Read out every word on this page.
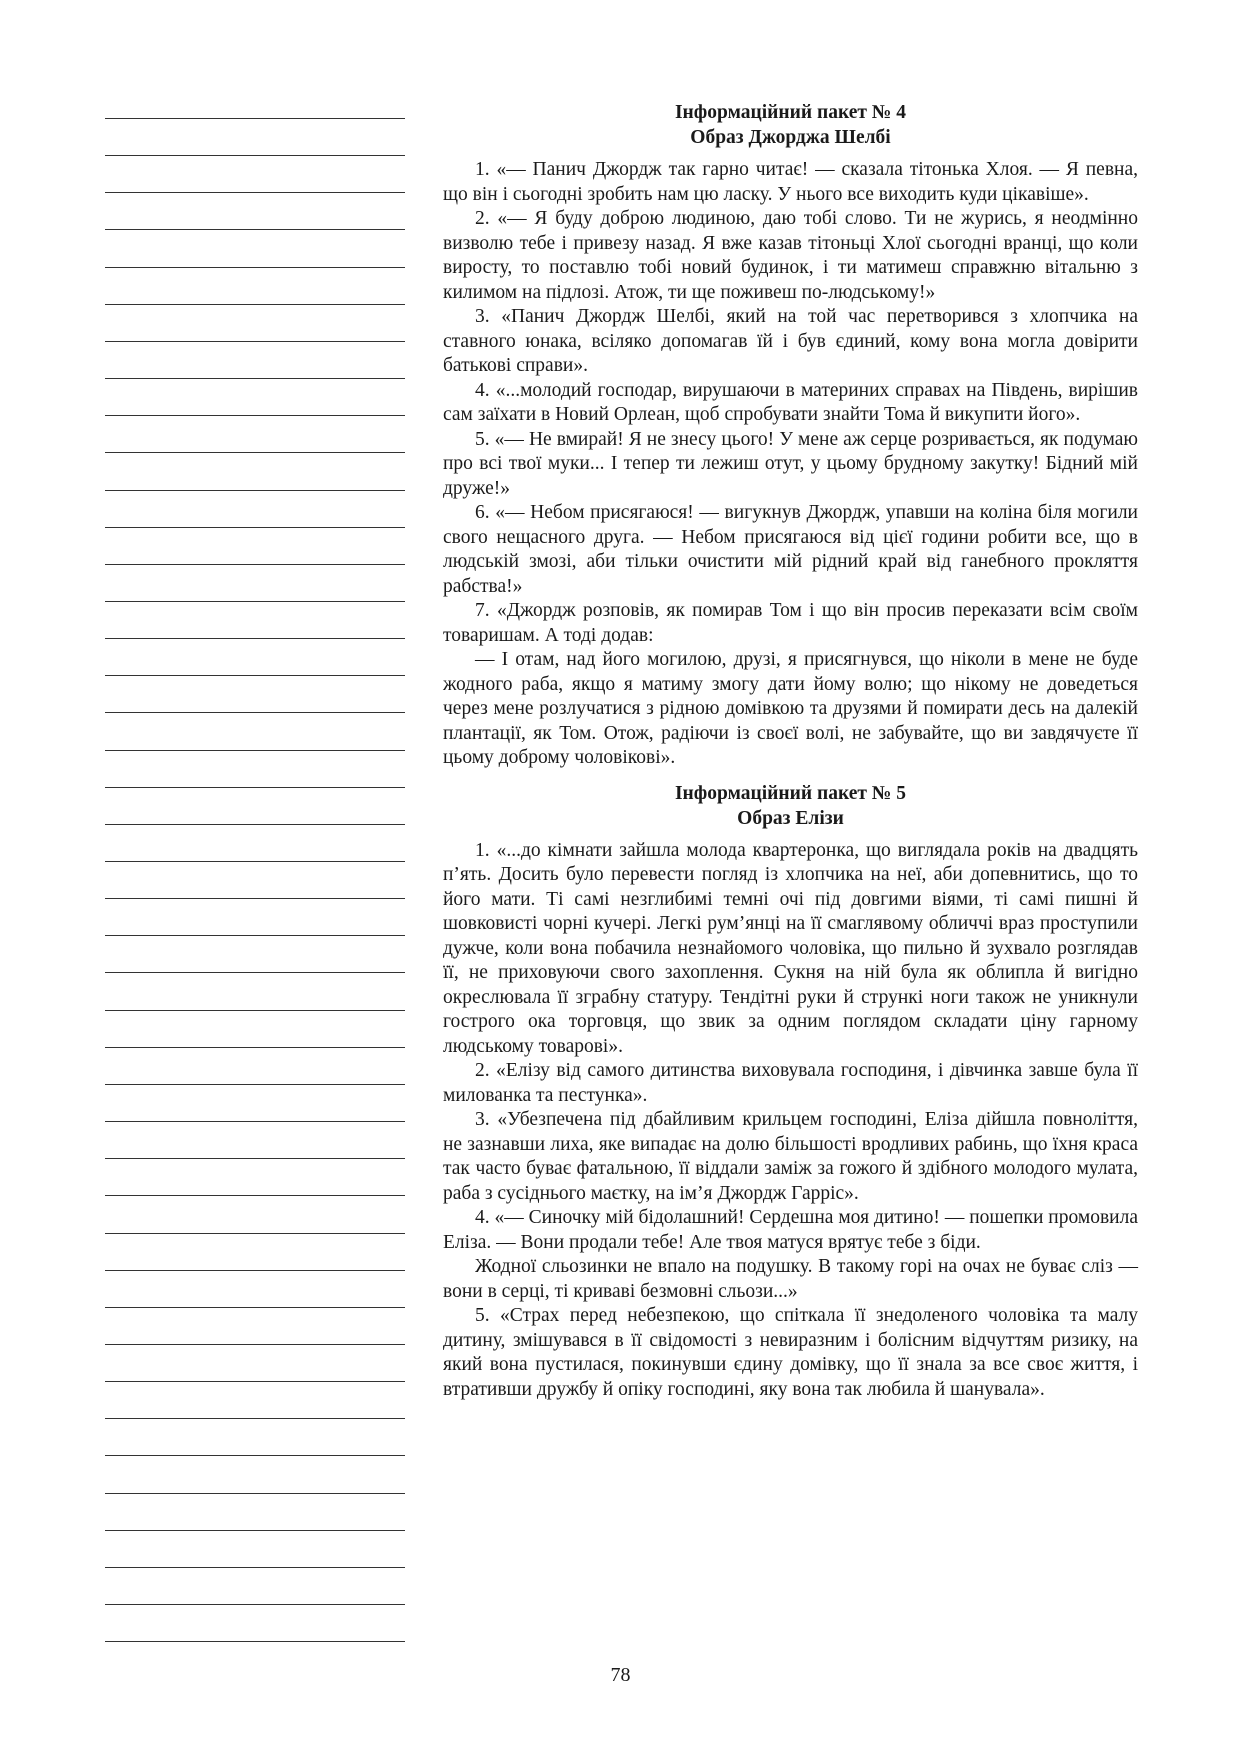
Інформаційний пакет № 4
Образ Джорджа Шелбі

1. «— Панич Джордж так гарно читає! — сказала тітонька Хлоя. — Я певна, що він і сьогодні зробить нам цю ласку. У нього все виходить куди цікавіше».

2. «— Я буду доброю людиною, даю тобі слово. Ти не журись, я неодмінно визволю тебе і привезу назад. Я вже казав тітоньці Хлої сьогодні вранці, що коли виросту, то поставлю тобі новий будинок, і ти матимеш справжню вітальню з килимом на підлозі. Атож, ти ще поживеш по-людському!»

3. «Панич Джордж Шелбі, який на той час перетворився з хлопчика на ставного юнака, всіляко допомагав їй і був єдиний, кому вона могла довірити батькові справи».

4. «...молодий господар, вирушаючи в материних справах на Південь, вирішив сам заїхати в Новий Орлеан, щоб спробувати знайти Тома й викупити його».

5. «— Не вмирай! Я не знесу цього! У мене аж серце розривається, як подумаю про всі твої муки... І тепер ти лежиш отут, у цьому брудному закутку! Бідний мій друже!»

6. «— Небом присягаюся! — вигукнув Джордж, упавши на коліна біля могили свого нещасного друга. — Небом присягаюся від цієї години робити все, що в людській змозі, аби тільки очистити мій рідний край від ганебного прокляття рабства!»

7. «Джордж розповів, як помирав Том і що він просив переказати всім своїм товаришам. А тоді додав:

— І отам, над його могилою, друзі, я присягнувся, що ніколи в мене не буде жодного раба, якщо я матиму змогу дати йому волю; що нікому не доведеться через мене розлучатися з рідною домівкою та друзями й помирати десь на далекій плантації, як Том. Отож, радіючи із своєї волі, не забувайте, що ви завдячуєте її цьому доброму чоловікові».

Інформаційний пакет № 5
Образ Елізи

1. «...до кімнати зайшла молода квартеронка, що виглядала років на двадцять п’ять. Досить було перевести погляд із хлопчика на неї, аби допевнитись, що то його мати. Ті самі незглибимі темні очі під довгими віями, ті самі пишні й шовковисті чорні кучері. Легкі рум’янці на її смаглявому обличчі враз проступили дужче, коли вона побачила незнайомого чоловіка, що пильно й зухвало розглядав її, не приховуючи свого захоплення. Сукня на ній була як облипла й вигідно окреслювала її зграбну статуру. Тендітні руки й стрункі ноги також не уникнули гострого ока торговця, що звик за одним поглядом складати ціну гарному людському товарові».

2. «Елізу від самого дитинства виховувала господиня, і дівчинка завше була її милованка та пестунка».

3. «Убезпечена під дбайливим крильцем господині, Еліза дійшла повноліття, не зазнавши лиха, яке випадає на долю більшості вродливих рабинь, що їхня краса так часто буває фатальною, її віддали заміж за гожого й здібного молодого мулата, раба з сусіднього маєтку, на ім’я Джордж Гарріс».

4. «— Синочку мій бідолашний! Сердешна моя дитино! — пошепки промовила Еліза. — Вони продали тебе! Але твоя матуся врятує тебе з біди.

Жодної сльозинки не впало на подушку. В такому горі на очах не буває сліз — вони в серці, ті криваві безмовні сльози...»

5. «Страх перед небезпекою, що спіткала її знедоленого чоловіка та малу дитину, змішувався в її свідомості з невиразним і болісним відчуттям ризику, на який вона пустилася, покинувши єдину домівку, що її знала за все своє життя, і втративши дружбу й опіку господині, яку вона так любила й шанувала».

78
